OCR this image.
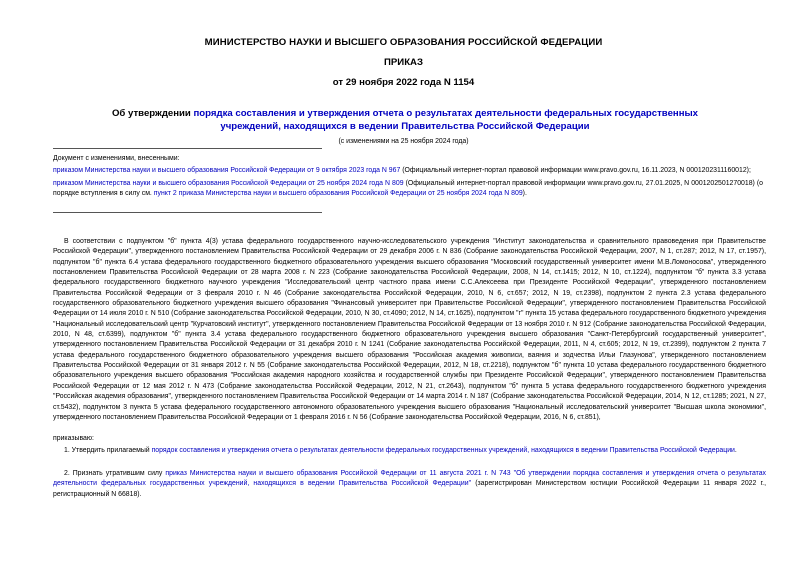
МИНИСТЕРСТВО НАУКИ И ВЫСШЕГО ОБРАЗОВАНИЯ РОССИЙСКОЙ ФЕДЕРАЦИИ
ПРИКАЗ
от 29 ноября 2022 года N 1154
Об утверждении порядка составления и утверждения отчета о результатах деятельности федеральных государственных учреждений, находящихся в ведении Правительства Российской Федерации
(с изменениями на 25 ноября 2024 года)

Документ с изменениями, внесенными:

приказом Министерства науки и высшего образования Российской Федерации от 9 октября 2023 года N 967 (Официальный интернет-портал правовой информации www.pravo.gov.ru, 16.11.2023, N 0001202311160012);

приказом Министерства науки и высшего образования Российской Федерации от 25 ноября 2024 года N 809 (Официальный интернет-портал правовой информации www.pravo.gov.ru, 27.01.2025, N 0001202501270018) (о порядке вступления в силу см. пункт 2 приказа Министерства науки и высшего образования Российской Федерации от 25 ноября 2024 года N 809).

В соответствии с подпунктом "б" пункта 4(3) устава федерального государственного научно-исследовательского учреждения "Институт законодательства и сравнительного правоведения при Правительстве Российской Федерации", утвержденного постановлением Правительства Российской Федерации от 29 декабря 2006 г. N 836 (Собрание законодательства Российской Федерации, 2007, N 1, ст.287; 2012, N 17, ст.1957), подпунктом "б" пункта 6.4 устава федерального государственного бюджетного образовательного учреждения высшего образования "Московский государственный университет имени М.В.Ломоносова", утвержденного постановлением Правительства Российской Федерации от 28 марта 2008 г. N 223 (Собрание законодательства Российской Федерации, 2008, N 14, ст.1415; 2012, N 10, ст.1224), подпунктом "б" пункта 3.3 устава федерального государственного бюджетного научного учреждения "Исследовательский центр частного права имени С.С.Алексеева при Президенте Российской Федерации", утвержденного постановлением Правительства Российской Федерации от 3 февраля 2010 г. N 46 (Собрание законодательства Российской Федерации, 2010, N 6, ст.657; 2012, N 19, ст.2398), подпунктом 2 пункта 2.3 устава федерального государственного образовательного бюджетного учреждения высшего образования "Финансовый университет при Правительстве Российской Федерации", утвержденного постановлением Правительства Российской Федерации от 14 июля 2010 г. N 510 (Собрание законодательства Российской Федерации, 2010, N 30, ст.4090; 2012, N 14, ст.1625), подпунктом "г" пункта 15 устава федерального государственного бюджетного учреждения "Национальный исследовательский центр "Курчатовский институт", утвержденного постановлением Правительства Российской Федерации от 13 ноября 2010 г. N 912 (Собрание законодательства Российской Федерации, 2010, N 48, ст.6399), подпунктом "б" пункта 3.4 устава федерального государственного бюджетного образовательного учреждения высшего образования "Санкт-Петербургский государственный университет", утвержденного постановлением Правительства Российской Федерации от 31 декабря 2010 г. N 1241 (Собрание законодательства Российской Федерации, 2011, N 4, ст.605; 2012, N 19, ст.2399), подпунктом 2 пункта 7 устава федерального государственного бюджетного образовательного учреждения высшего образования "Российская академия живописи, ваяния и зодчества Ильи Глазунова", утвержденного постановлением Правительства Российской Федерации от 31 января 2012 г. N 55 (Собрание законодательства Российской Федерации, 2012, N 18, ст.2218), подпунктом "б" пункта 10 устава федерального государственного бюджетного образовательного учреждения высшего образования "Российская академия народного хозяйства и государственной службы при Президенте Российской Федерации", утвержденного постановлением Правительства Российской Федерации от 12 мая 2012 г. N 473 (Собрание законодательства Российской Федерации, 2012, N 21, ст.2643), подпунктом "б" пункта 5 устава федерального государственного бюджетного учреждения "Российская академия образования", утвержденного постановлением Правительства Российской Федерации от 14 марта 2014 г. N 187 (Собрание законодательства Российской Федерации, 2014, N 12, ст.1285; 2021, N 27, ст.5432), подпунктом 3 пункта 5 устава федерального государственного автономного образовательного учреждения высшего образования "Национальный исследовательский университет "Высшая школа экономики", утвержденного постановлением Правительства Российской Федерации от 1 февраля 2016 г. N 56 (Собрание законодательства Российской Федерации, 2016, N 6, ст.851),
приказываю:
1. Утвердить прилагаемый порядок составления и утверждения отчета о результатах деятельности федеральных государственных учреждений, находящихся в ведении Правительства Российской Федерации.
2. Признать утратившим силу приказ Министерства науки и высшего образования Российской Федерации от 11 августа 2021 г. N 743 "Об утверждении порядка составления и утверждения отчета о результатах деятельности федеральных государственных учреждений, находящихся в ведении Правительства Российской Федерации" (зарегистрирован Министерством юстиции Российской Федерации 11 января 2022 г., регистрационный N 66818).
